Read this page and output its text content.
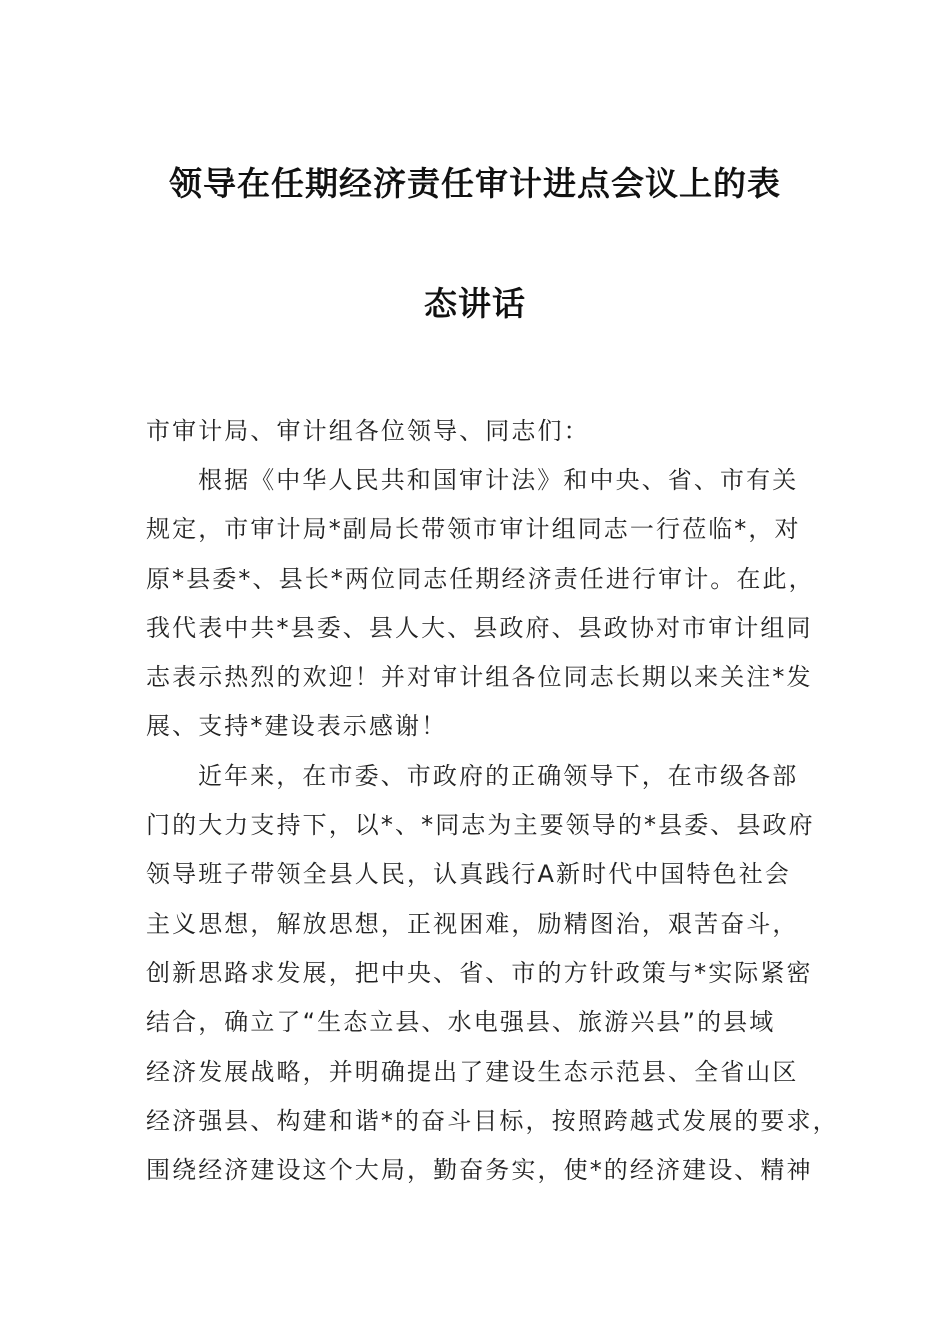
领导在任期经济责任审计进点会议上的表
态讲话
市审计局、审计组各位领导、同志们：
根据《中华人民共和国审计法》和中央、省、市有关
规定，市审计局*副局长带领市审计组同志一行莅临*，对
原*县委*、县长*两位同志任期经济责任进行审计。在此，
我代表中共*县委、县人大、县政府、县政协对市审计组同
志表示热烈的欢迎！并对审计组各位同志长期以来关注*发
展、支持*建设表示感谢！
近年来，在市委、市政府的正确领导下，在市级各部
门的大力支持下，以*、*同志为主要领导的*县委、县政府
领导班子带领全县人民，认真践行A新时代中国特色社会
主义思想，解放思想，正视困难，励精图治，艰苦奋斗，
创新思路求发展，把中央、省、市的方针政策与*实际紧密
结合，确立了“生态立县、水电强县、旅游兴县”的县域
经济发展战略，并明确提出了建设生态示范县、全省山区
经济强县、构建和谐*的奋斗目标，按照跨越式发展的要求，
围绕经济建设这个大局，勤奋务实，使*的经济建设、精神
